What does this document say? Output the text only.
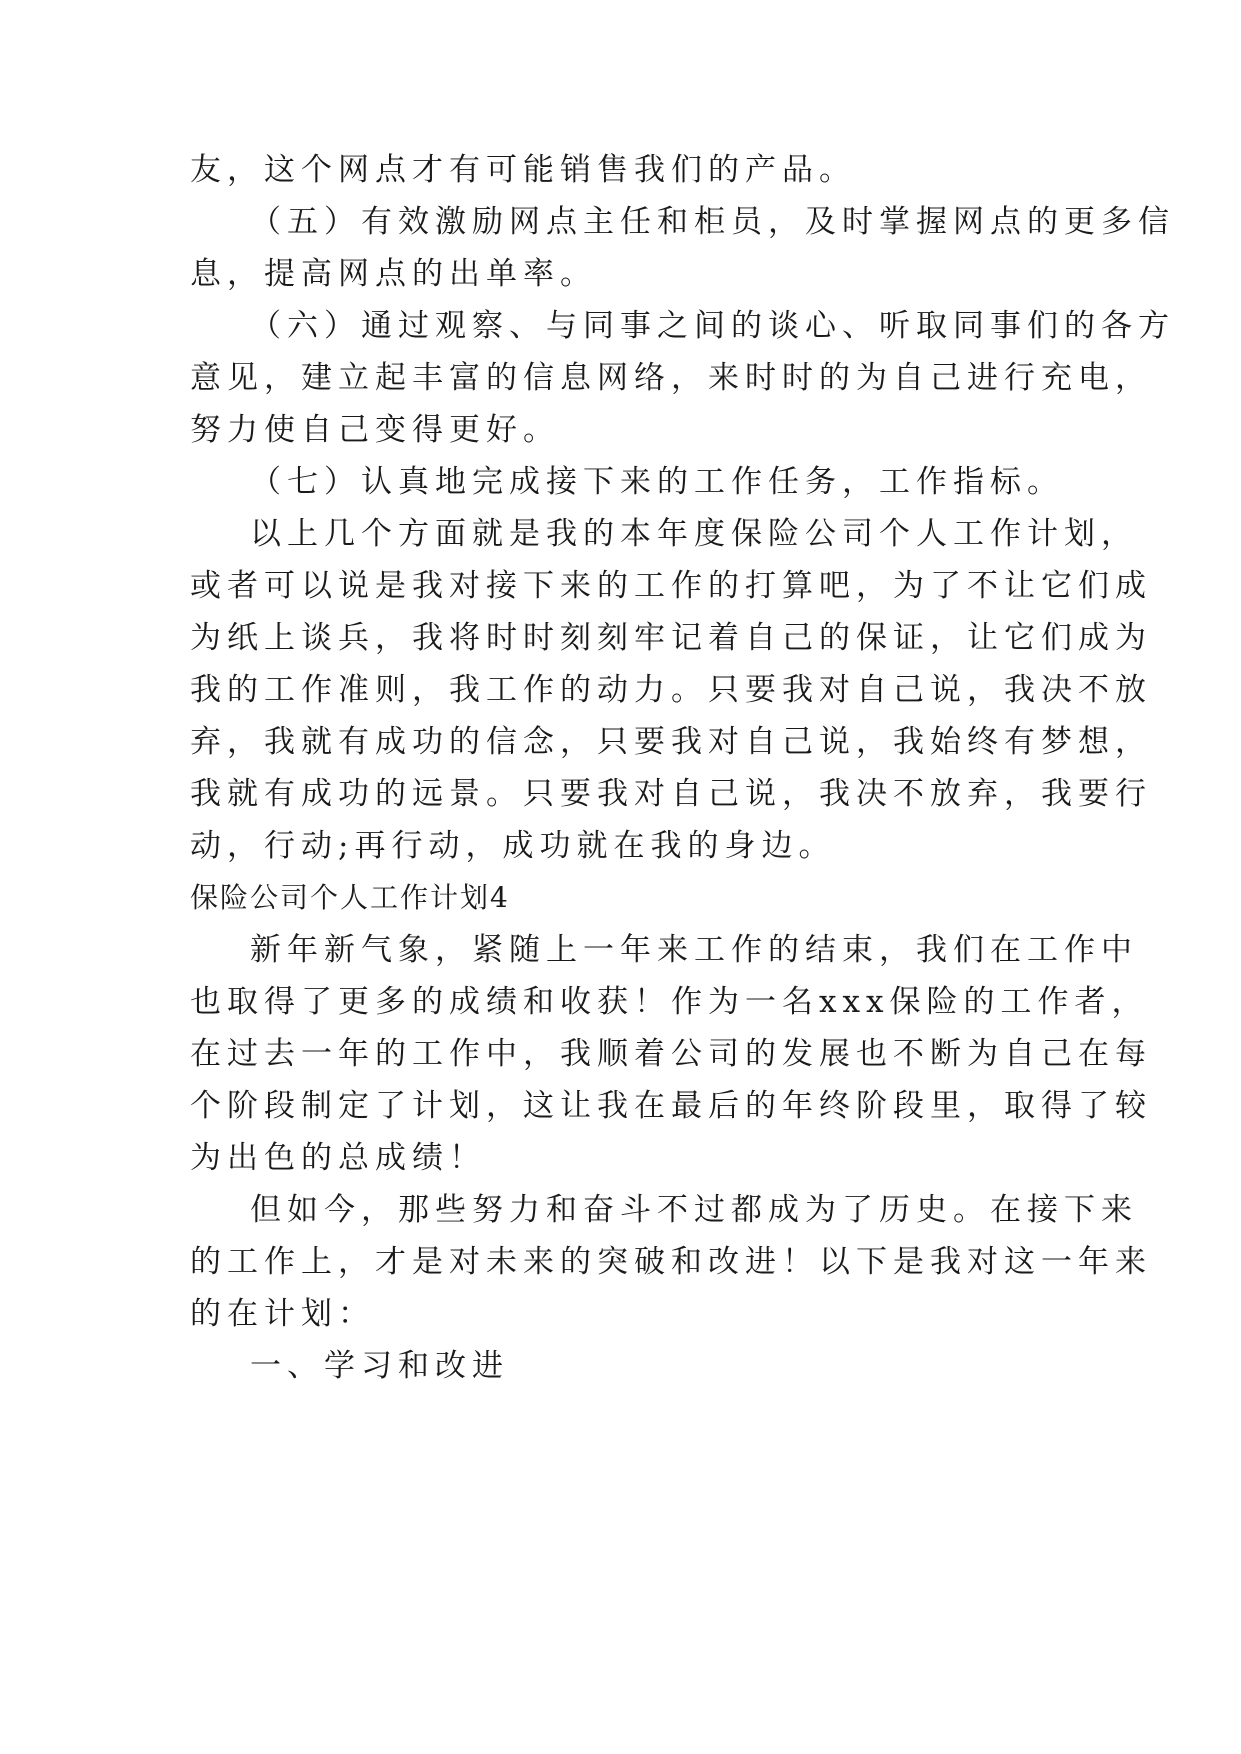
友，这个网点才有可能销售我们的产品。
（五）有效激励网点主任和柜员，及时掌握网点的更多信
息，提高网点的出单率。
（六）通过观察、与同事之间的谈心、听取同事们的各方
意见，建立起丰富的信息网络，来时时的为自己进行充电，
努力使自己变得更好。
（七）认真地完成接下来的工作任务，工作指标。
以上几个方面就是我的本年度保险公司个人工作计划，
或者可以说是我对接下来的工作的打算吧，为了不让它们成
为纸上谈兵，我将时时刻刻牢记着自己的保证，让它们成为
我的工作准则，我工作的动力。只要我对自己说，我决不放
弃，我就有成功的信念，只要我对自己说，我始终有梦想，
我就有成功的远景。只要我对自己说，我决不放弃，我要行
动，行动;再行动，成功就在我的身边。
保险公司个人工作计划4
新年新气象，紧随上一年来工作的结束，我们在工作中
也取得了更多的成绩和收获！作为一名xxx保险的工作者，
在过去一年的工作中，我顺着公司的发展也不断为自己在每
个阶段制定了计划，这让我在最后的年终阶段里，取得了较
为出色的总成绩！
但如今，那些努力和奋斗不过都成为了历史。在接下来
的工作上，才是对未来的突破和改进！以下是我对这一年来
的在计划：
一、学习和改进
